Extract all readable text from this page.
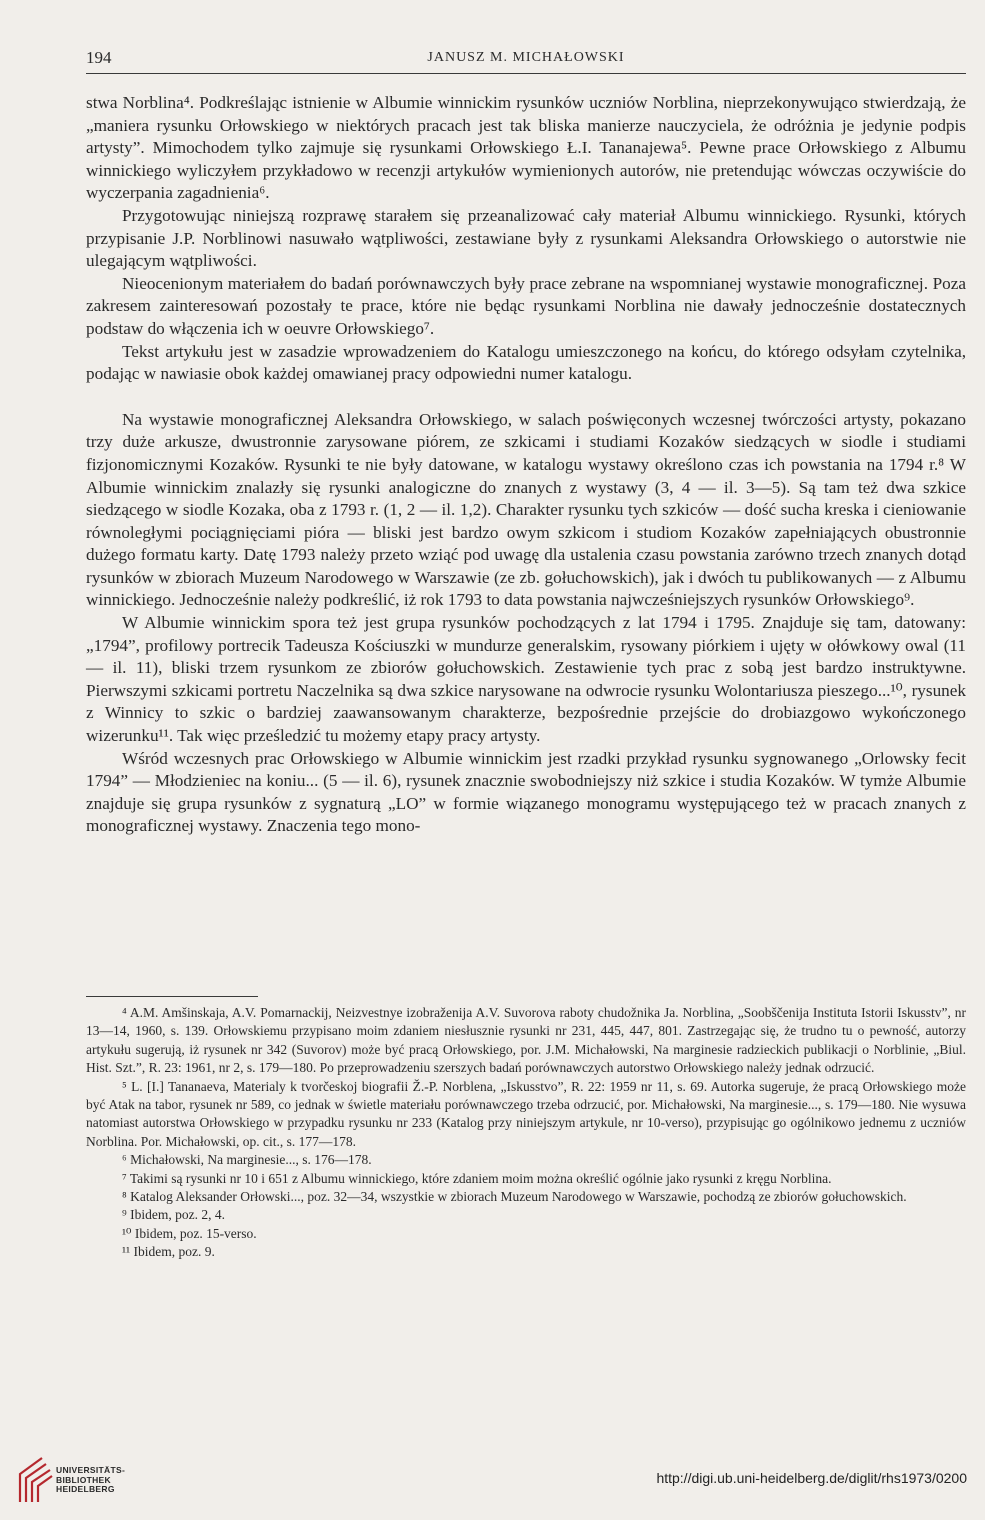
194	JANUSZ M. MICHAŁOWSKI

stwa Norblina⁴. Podkreślając istnienie w Albumie winnickim rysunków uczniów Norblina, nieprzekonywująco stwierdzają, że „maniera rysunku Orłowskiego w niektórych pracach jest tak bliska manierze nauczyciela, że odróżnia je jedynie podpis artysty”. Mimochodem tylko zajmuje się rysunkami Orłowskiego Ł.I. Tananajewa⁵. Pewne prace Orłowskiego z Albumu winnickiego wyliczyłem przykładowo w recenzji artykułów wymienionych autorów, nie pretendując wówczas oczywiście do wyczerpania zagadnienia⁶.

Przygotowując niniejszą rozprawę starałem się przeanalizować cały materiał Albumu winnickiego. Rysunki, których przypisanie J.P. Norblinowi nasuwało wątpliwości, zestawiane były z rysunkami Aleksandra Orłowskiego o autorstwie nie ulegającym wątpliwości.

Nieocenionym materiałem do badań porównawczych były prace zebrane na wspomnianej wystawie monograficznej. Poza zakresem zainteresowań pozostały te prace, które nie będąc rysunkami Norblina nie dawały jednocześnie dostatecznych podstaw do włączenia ich w oeuvre Orłowskiego⁷.

Tekst artykułu jest w zasadzie wprowadzeniem do Katalogu umieszczonego na końcu, do którego odsyłam czytelnika, podając w nawiasie obok każdej omawianej pracy odpowiedni numer katalogu.

Na wystawie monograficznej Aleksandra Orłowskiego, w salach poświęconych wczesnej twórczości artysty, pokazano trzy duże arkusze, dwustronnie zarysowane piórem, ze szkicami i studiami Kozaków siedzących w siodle i studiami fizjonomicznymi Kozaków. Rysunki te nie były datowane, w katalogu wystawy określono czas ich powstania na 1794 r.⁸ W Albumie winnickim znalazły się rysunki analogiczne do znanych z wystawy (3, 4 — il. 3—5). Są tam też dwa szkice siedzącego w siodle Kozaka, oba z 1793 r. (1, 2 — il. 1,2). Charakter rysunku tych szkiców — dość sucha kreska i cieniowanie równoległymi pociągnięciami pióra — bliski jest bardzo owym szkicom i studiom Kozaków zapełniających obustronnie dużego formatu karty. Datę 1793 należy przeto wziąć pod uwagę dla ustalenia czasu powstania zarówno trzech znanych dotąd rysunków w zbiorach Muzeum Narodowego w Warszawie (ze zb. gołuchowskich), jak i dwóch tu publikowanych — z Albumu winnickiego. Jednocześnie należy podkreślić, iż rok 1793 to data powstania najwcześniejszych rysunków Orłowskiego⁹.

W Albumie winnickim spora też jest grupa rysunków pochodzących z lat 1794 i 1795. Znajduje się tam, datowany: „1794”, profilowy portrecik Tadeusza Kościuszki w mundurze generalskim, rysowany piórkiem i ujęty w ołówkowy owal (11 — il. 11), bliski trzem rysunkom ze zbiorów gołuchowskich. Zestawienie tych prac z sobą jest bardzo instruktywne. Pierwszymi szkicami portretu Naczelnika są dwa szkice narysowane na odwrocie rysunku Wolontariusza pieszego...¹⁰, rysunek z Winnicy to szkic o bardziej zaawansowanym charakterze, bezpośrednie przejście do drobiazgowo wykończonego wizerunku¹¹. Tak więc prześledzić tu możemy etapy pracy artysty.

Wśród wczesnych prac Orłowskiego w Albumie winnickim jest rzadki przykład rysunku sygnowanego „Orlowsky fecit 1794” — Młodzieniec na koniu... (5 — il. 6), rysunek znacznie swobodniejszy niż szkice i studia Kozaków. W tymże Albumie znajduje się grupa rysunków z sygnaturą „LO” w formie wiązanego monogramu występującego też w pracach znanych z monograficznej wystawy. Znaczenia tego mono-

⁴ A.M. Amšinskaja, A.V. Pomarnackij, Neizvestnye izobraženija A.V. Suvorova raboty chudožnika Ja. Norblina, „Soobščenija Instituta Istorii Iskusstv”, nr 13—14, 1960, s. 139. Orłowskiemu przypisano moim zdaniem niesłusznie rysunki nr 231, 445, 447, 801. Zastrzegając się, że trudno tu o pewność, autorzy artykułu sugerują, iż rysunek nr 342 (Suvorov) może być pracą Orłowskiego, por. J.M. Michałowski, Na marginesie radzieckich publikacji o Norblinie, „Biul. Hist. Szt.”, R. 23: 1961, nr 2, s. 179—180. Po przeprowadzeniu szerszych badań porównawczych autorstwo Orłowskiego należy jednak odrzucić.

⁵ L. [I.] Tananaeva, Materialy k tvorčeskoj biografii Ž.-P. Norblena, „Iskusstvo”, R. 22: 1959 nr 11, s. 69. Autorka sugeruje, że pracą Orłowskiego może być Atak na tabor, rysunek nr 589, co jednak w świetle materiału porównawczego trzeba odrzucić, por. Michałowski, Na marginesie..., s. 179—180. Nie wysuwa natomiast autorstwa Orłowskiego w przypadku rysunku nr 233 (Katalog przy niniejszym artykule, nr 10-verso), przypisując go ogólnikowo jednemu z uczniów Norblina. Por. Michałowski, op. cit., s. 177—178.

⁶ Michałowski, Na marginesie..., s. 176—178.

⁷ Takimi są rysunki nr 10 i 651 z Albumu winnickiego, które zdaniem moim można określić ogólnie jako rysunki z kręgu Norblina.

⁸ Katalog Aleksander Orłowski..., poz. 32—34, wszystkie w zbiorach Muzeum Narodowego w Warszawie, pochodzą ze zbiorów gołuchowskich.

⁹ Ibidem, poz. 2, 4.

¹⁰ Ibidem, poz. 15-verso.

¹¹ Ibidem, poz. 9.

UNIVERSITÄTS-
BIBLIOTHEK
HEIDELBERG
http://digi.ub.uni-heidelberg.de/diglit/rhs1973/0200
